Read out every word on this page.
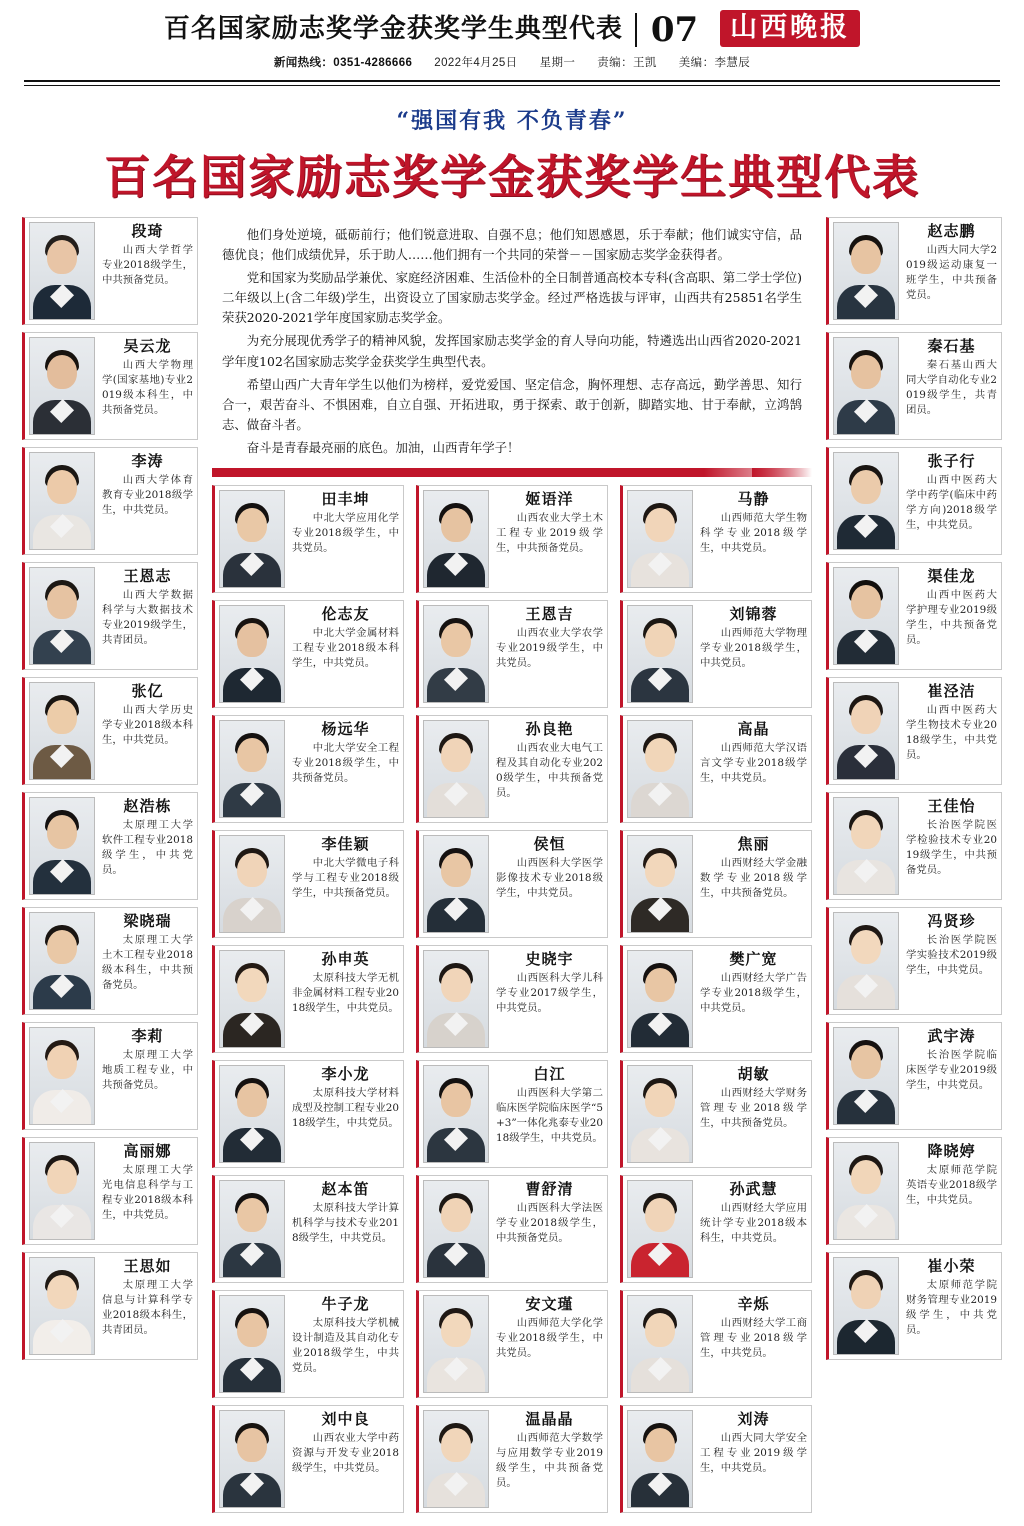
百名国家励志奖学金获奖学生典型代表 07	山西晚报
新闻热线：0351-4286666 2022年4月25日 星期一 责编：王凯 美编：李慧辰
“强国有我 不负青春”
百名国家励志奖学金获奖学生典型代表
段琦
山西大学哲学专业2018级学生，中共预备党员。
吴云龙
山西大学物理学(国家基地)专业2019级本科生，中共预备党员。
李涛
山西大学体育教育专业2018级学生，中共党员。
王恩志
山西大学数据科学与大数据技术专业2019级学生，共青团员。
张亿
山西大学历史学专业2018级本科生，中共党员。
赵浩栋
太原理工大学软件工程专业2018级学生，中共党员。
梁晓瑞
太原理工大学土木工程专业2018级本科生，中共预备党员。
李莉
太原理工大学地质工程专业，中共预备党员。
高丽娜
太原理工大学光电信息科学与工程专业2018级本科生，中共党员。
王思如
太原理工大学信息与计算科学专业2018级本科生，共青团员。

他们身处逆境，砥砺前行；他们锐意进取、自强不息；他们知恩感恩，乐于奉献；他们诚实守信，品德优良；他们成绩优异，乐于助人……他们拥有一个共同的荣誉－－国家励志奖学金获得者。

党和国家为奖励品学兼优、家庭经济困难、生活俭朴的全日制普通高校本专科(含高职、第二学士学位)二年级以上(含二年级)学生，出资设立了国家励志奖学金。经过严格选拔与评审，山西共有25851名学生荣获2020-2021学年度国家励志奖学金。

为充分展现优秀学子的精神风貌，发挥国家励志奖学金的育人导向功能，特遴选出山西省2020-2021学年度102名国家励志奖学金获奖学生典型代表。

希望山西广大青年学生以他们为榜样，爱党爱国、坚定信念，胸怀理想、志存高远，勤学善思、知行合一，艰苦奋斗、不惧困难，自立自强、开拓进取，勇于探索、敢于创新，脚踏实地、甘于奉献，立鸿鹄志、做奋斗者。

奋斗是青春最亮丽的底色。加油，山西青年学子！

田丰坤
中北大学应用化学专业2018级学生，中共党员。
伦志友
中北大学金属材料工程专业2018级本科学生，中共党员。
杨远华
中北大学安全工程专业2018级学生，中共预备党员。
李佳颖
中北大学微电子科学与工程专业2018级学生，中共预备党员。
孙申英
太原科技大学无机非金属材料工程专业2018级学生，中共党员。
李小龙
太原科技大学材料成型及控制工程专业2018级学生，中共党员。
赵本笛
太原科技大学计算机科学与技术专业2018级学生，中共党员。
牛子龙
太原科技大学机械设计制造及其自动化专业2018级学生，中共党员。
刘中良
山西农业大学中药资源与开发专业2018级学生，中共党员。
姬语洋
山西农业大学土木工程专业2019级学生，中共预备党员。
王恩吉
山西农业大学农学专业2019级学生，中共党员。
孙良艳
山西农业大电气工程及其自动化专业2020级学生，中共预备党员。
侯恒
山西医科大学医学影像技术专业2018级学生，中共党员。
史晓宇
山西医科大学儿科学专业2017级学生，中共党员。
白江
山西医科大学第二临床医学院临床医学“5+3”一体化兆泰专业2018级学生，中共党员。
曹舒清
山西医科大学法医学专业2018级学生，中共预备党员。
安文瑾
山西师范大学化学专业2018级学生，中共党员。
温晶晶
山西师范大学数学与应用数学专业2019级学生，中共预备党员。
马静
山西师范大学生物科学专业2018级学生，中共党员。
刘锦蓉
山西师范大学物理学专业2018级学生，中共党员。
高晶
山西师范大学汉语言文学专业2018级学生，中共党员。
焦丽
山西财经大学金融数学专业2018级学生，中共预备党员。
樊广宽
山西财经大学广告学专业2018级学生，中共党员。
胡敏
山西财经大学财务管理专业2018级学生，中共预备党员。
孙武慧
山西财经大学应用统计学专业2018级本科生，中共党员。
辛烁
山西财经大学工商管理专业2018级学生，中共党员。
刘涛
山西大同大学安全工程专业2019级学生，中共党员。
赵志鹏
山西大同大学2019级运动康复一班学生，中共预备党员。
秦石基
秦石基山西大同大学自动化专业2019级学生，共青团员。
张子行
山西中医药大学中药学(临床中药学方向)2018级学生，中共党员。
渠佳龙
山西中医药大学护理专业2019级学生，中共预备党员。
崔泾洁
山西中医药大学生物技术专业2018级学生，中共党员。
王佳怡
长治医学院医学检验技术专业2019级学生，中共预备党员。
冯贤珍
长治医学院医学实验技术2019级学生，中共党员。
武宇涛
长治医学院临床医学专业2019级学生，中共党员。
降晓婷
太原师范学院英语专业2018级学生，中共党员。
崔小荣
太原师范学院财务管理专业2019级学生，中共党员。
